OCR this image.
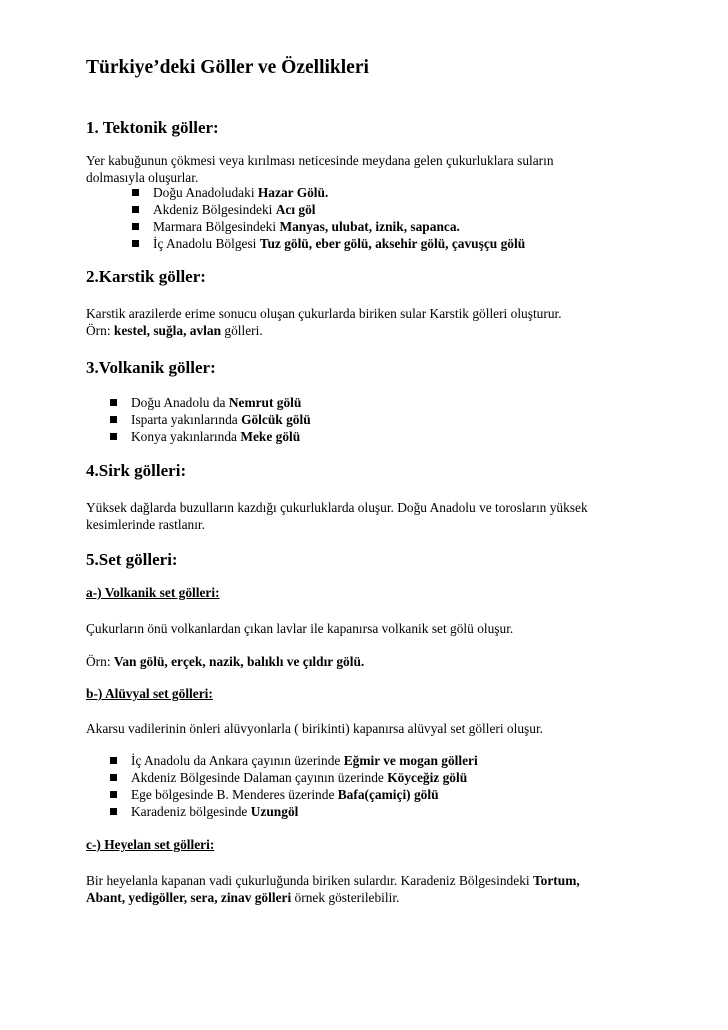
Türkiye’deki Göller ve Özellikleri
1. Tektonik göller:
Yer kabuğunun çökmesi veya kırılması neticesinde meydana gelen çukurluklara suların
dolmasıyla oluşurlar.
Doğu Anadoludaki Hazar Gölü.
Akdeniz Bölgesindeki Acı göl
Marmara Bölgesindeki Manyas, ulubat, iznik, sapanca.
İç Anadolu Bölgesi Tuz gölü, eber gölü, aksehir gölü, çavuşçu gölü
2.Karstik göller:
Karstik arazilerde erime sonucu oluşan çukurlarda biriken sular Karstik gölleri oluşturur.
Örn: kestel, suğla, avlan gölleri.
3.Volkanik göller:
Doğu Anadolu da Nemrut gölü
Isparta yakınlarında Gölcük gölü
Konya yakınlarında Meke gölü
4.Sirk gölleri:
Yüksek dağlarda buzulların kazdığı çukurluklarda oluşur. Doğu Anadolu ve torosların yüksek
kesimlerinde rastlanır.
5.Set gölleri:
a-) Volkanik set gölleri:
Çukurların önü volkanlardan çıkan lavlar ile kapanırsa volkanik set gölü oluşur.
Örn: Van gölü, erçek, nazik, balıklı ve çıldır gölü.
b-) Alüvyal set gölleri:
Akarsu vadilerinin önleri alüvyonlarla ( birikinti) kapanırsa alüvyal set gölleri oluşur.
İç Anadolu da Ankara çayının üzerinde Eğmir ve mogan gölleri
Akdeniz Bölgesinde Dalaman çayının üzerinde Köyceğiz gölü
Ege bölgesinde B. Menderes üzerinde Bafa(çamiçi) gölü
Karadeniz bölgesinde Uzungöl
c-) Heyelan set gölleri:
Bir heyelanla kapanan vadi çukurluğunda biriken sulardır. Karadeniz Bölgesindeki Tortum,
Abant, yedigöller, sera, zinav gölleri örnek gösterilebilir.
